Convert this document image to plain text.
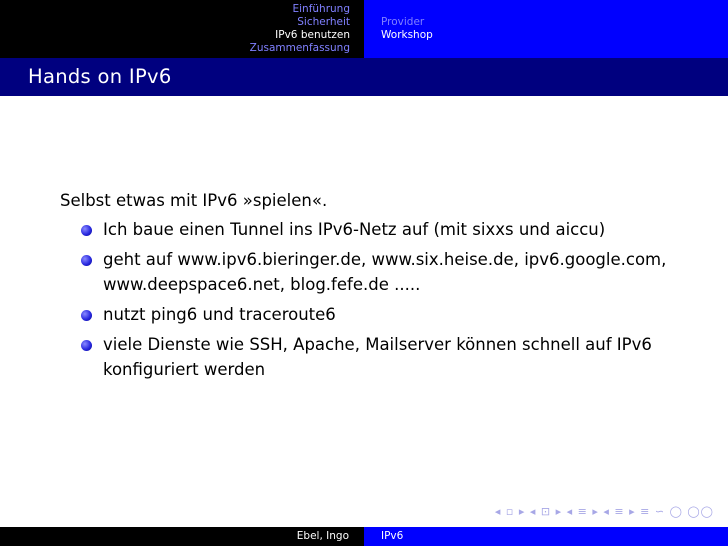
Einführung
Sicherheit
IPv6 benutzen
Zusammenfassung
Provider
Workshop
Hands on IPv6

Selbst etwas mit IPv6 »spielen«.

Ich baue einen Tunnel ins IPv6-Netz auf (mit sixxs und aiccu)
geht auf www.ipv6.bieringer.de, www.six.heise.de, ipv6.google.com, www.deepspace6.net, blog.fefe.de .....
nutzt ping6 und traceroute6
viele Dienste wie SSH, Apache, Mailserver können schnell auf IPv6 konfiguriert werden
◂ ▫ ▸ ◂ ⊡ ▸ ◂ ≡ ▸ ◂ ≡ ▸ ≡ ∽ ◯ ◯◯
Ebel, Ingo	IPv6
